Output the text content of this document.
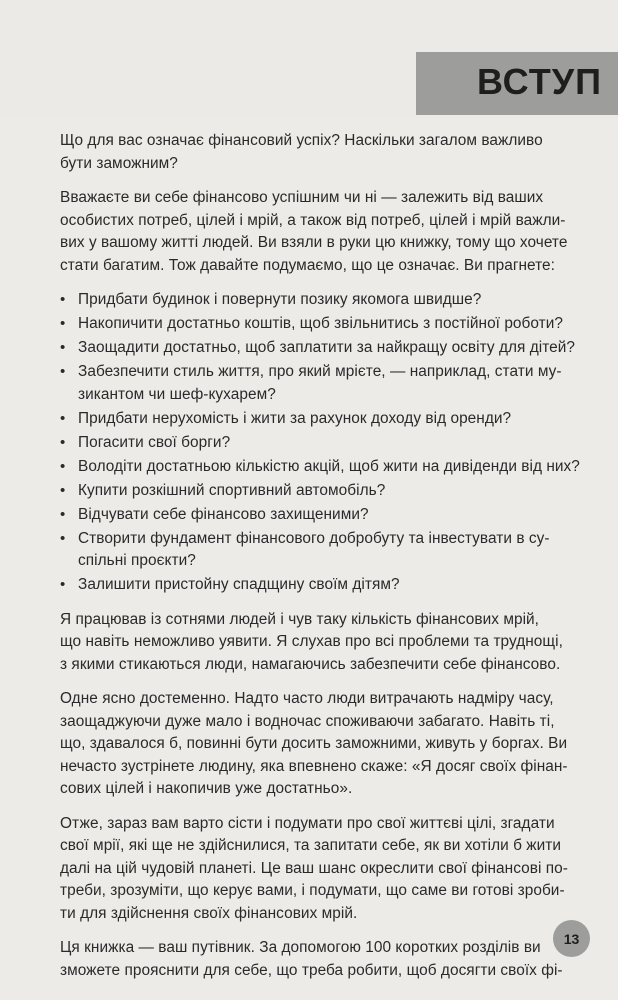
ВСТУП

Що для вас означає фінансовий успіх? Наскільки загалом важливо
бути заможним?

Вважаєте ви себе фінансово успішним чи ні — залежить від ваших
особистих потреб, цілей і мрій, а також від потреб, цілей і мрій важли-
вих у вашому житті людей. Ви взяли в руки цю книжку, тому що хочете
стати багатим. Тож давайте подумаємо, що це означає. Ви прагнете:

• Придбати будинок і повернути позику якомога швидше?
• Накопичити достатньо коштів, щоб звільнитись з постійної роботи?
• Заощадити достатньо, щоб заплатити за найкращу освіту для дітей?
• Забезпечити стиль життя, про який мрієте, — наприклад, стати му-
зикантом чи шеф-кухарем?
• Придбати нерухомість і жити за рахунок доходу від оренди?
• Погасити свої борги?
• Володіти достатньою кількістю акцій, щоб жити на дивіденди від них?
• Купити розкішний спортивний автомобіль?
• Відчувати себе фінансово захищеними?
• Створити фундамент фінансового добробуту та інвестувати в су-
спільні проєкти?
• Залишити пристойну спадщину своїм дітям?

Я працював із сотнями людей і чув таку кількість фінансових мрій,
що навіть неможливо уявити. Я слухав про всі проблеми та труднощі,
з якими стикаються люди, намагаючись забезпечити себе фінансово.

Одне ясно достеменно. Надто часто люди витрачають надміру часу,
заощаджуючи дуже мало і водночас споживаючи забагато. Навіть ті,
що, здавалося б, повинні бути досить заможними, живуть у боргах. Ви
нечасто зустрінете людину, яка впевнено скаже: «Я досяг своїх фінан-
сових цілей і накопичив уже достатньо».

Отже, зараз вам варто сісти і подумати про свої життєві цілі, згадати
свої мрії, які ще не здійснилися, та запитати себе, як ви хотіли б жити
далі на цій чудовій планеті. Це ваш шанс окреслити свої фінансові по-
треби, зрозуміти, що керує вами, і подумати, що саме ви готові зроби-
ти для здійснення своїх фінансових мрій.

Ця книжка — ваш путівник. За допомогою 100 коротких розділів ви
зможете прояснити для себе, що треба робити, щоб досягти своїх фі-

13
